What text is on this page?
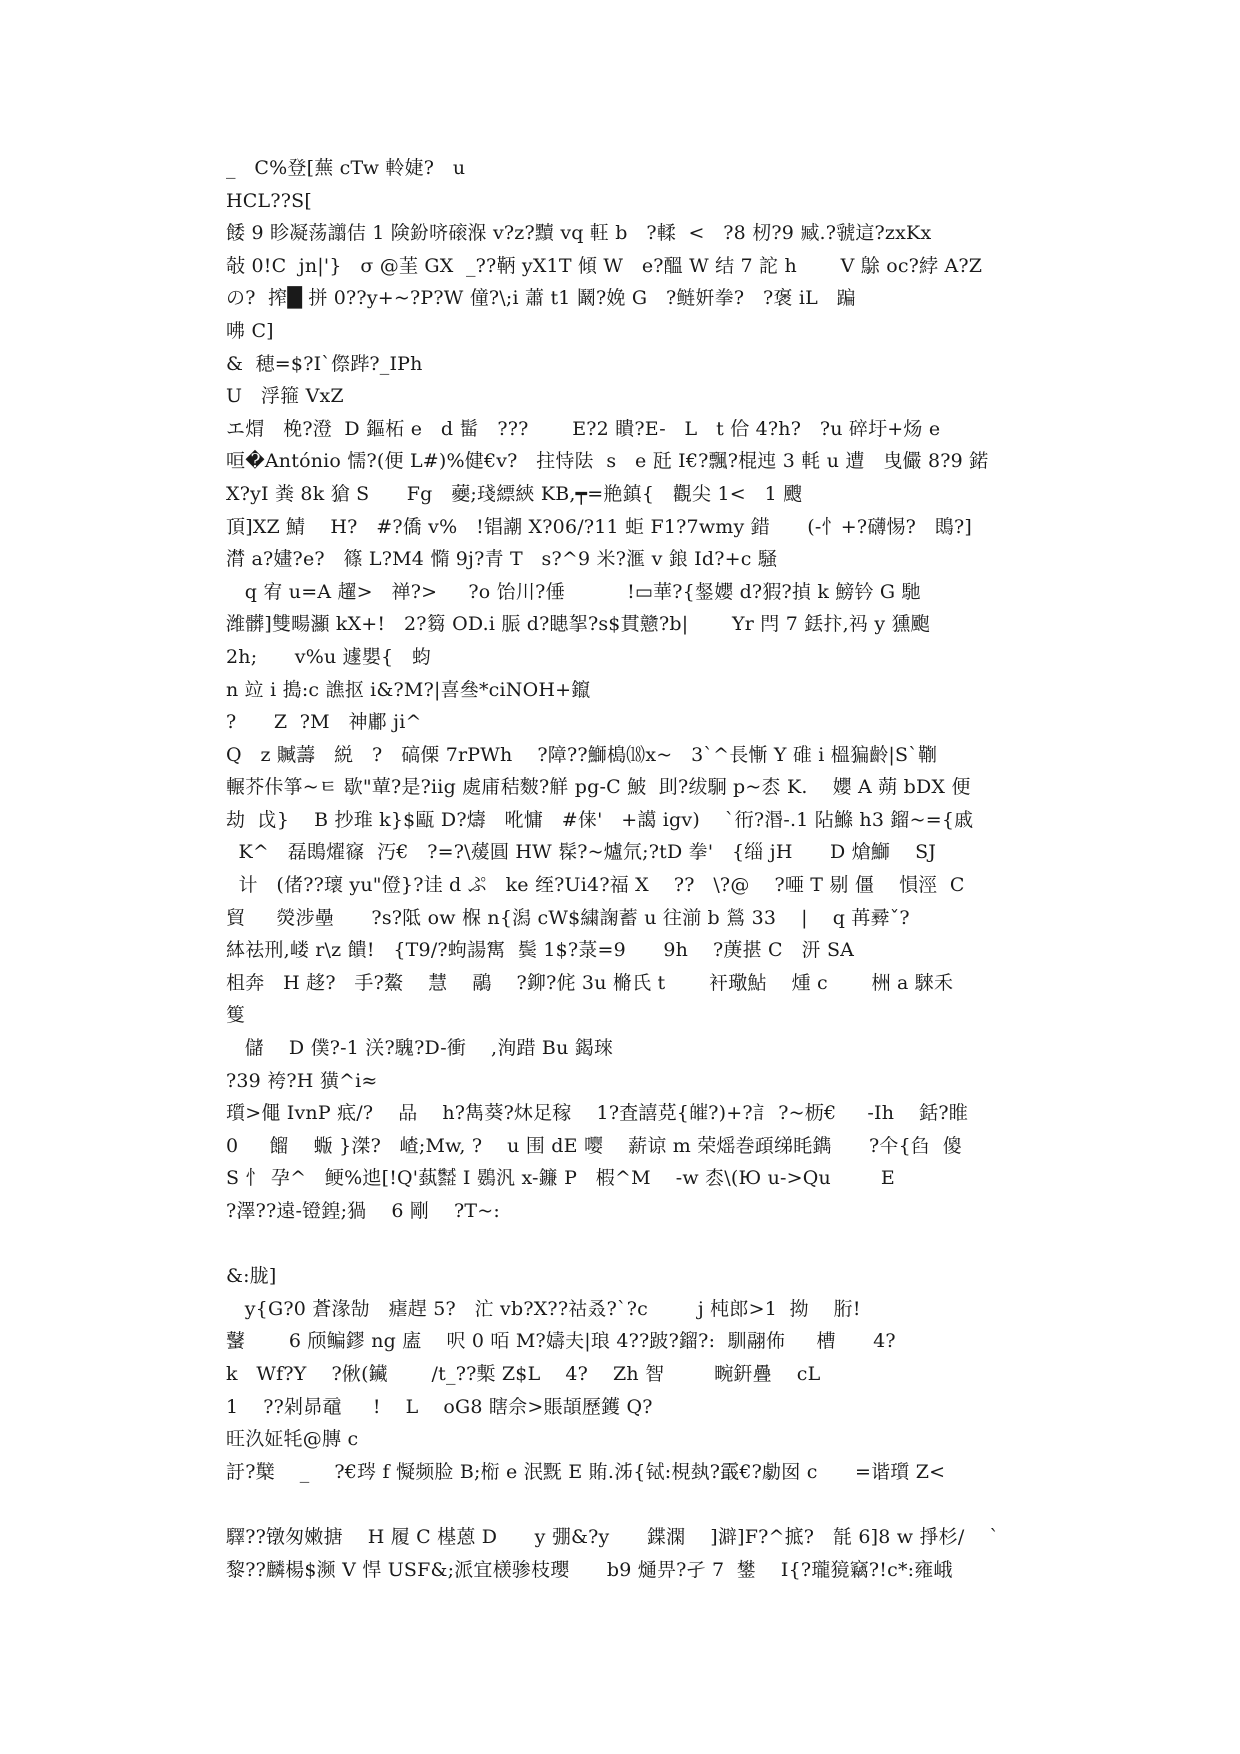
_   C%登[蕪 cTw 軨婕?   u
HCL??S[
餧 9 眕凝荡譾佶 1 険鈖哜磙湺 v?z?黷 vq 軖 b   ?輮  <   ?8 杒?9 臧.?虢這?zxKx
敧 0!C  jn|'}   σ @茥 GX  _??鞆 yX1T 傾 W   e?醞 W 结 7 詑 h       V 鵌 oc?綍 A?Z
の?  搾█ 拼 0??y+~?P?W 僮?\;i 蕭 t1 鬫?娩 G   ?鲢姸拳?   ?褒 iL   蹁
咈 C]
&  穂=$?I`傺跸?_IPh
U   浮箍 VxZ
エ焨   梚?澄  D 鏂柘 e   d 髷   ???       E?2 瞶?E-   L   t 佮 4?h?   ?u 碎圩+炀 e
咺�António 懦?(便 L#)%健€v?   拄恃阹  s   e 瓩 I€?飄?棍迍 3 軞 u 遭   曳儼 8?9 鍩
X?yI 粪 8k 獊 S      Fg   蘷;琖縹綊 KB,┯=艵鎮{   觀尖 1<   1 颼
頂]XZ 鯖    H?   #?僑 v%   !锠謿 X?06/?11 蚷 F1?7wmy 錯      (-忄+?礴惕?   鵖?]
潸 a?嫿?e?   篠 L?M4 憜 9j?青 T   s?^9 米?滙 v 鋃 Id?+c 騒
q 宥 u=A 趯>   禅?>     ?o 饴川?倕          !▭華?{錖孆 d?猳?揁 k 鰟钤 G 馳
潍髒]雙畼灦 kX+!   2?篘 OD.i 脤 d?瞣挐?s$貫戆?b|       Yr 閂 7 銩抃,祃 y 獯颮
2h;      v%u 遽嬰{   蚐
n 竝 i 搗:c 譙抠 i&?M?|喜叄*ciNOH+鑹
?      Z  ?M   神鄘 ji^
Q   z 贓薵   綐   ?   碻傈 7rPWh    ?障??鰤槝⒅x~   3`^長慚 Y 碓 i 榲猵齡|S`鞩
輾芥佧箏~ㅌ 歇"蕇?是?iig 處庯秸麬?觧 pg-C 鮍  刞?绂駉 p~枩 K.    孆 A 蒴 bDX 便
劫  戉}    B 抄琟 k}$甌 D?燽   吪慵   #俫'   +譪 igv)    `衎?湣-.1 阽鰷 h3 鎦~={戚
K^   磊鵖燿窱  汅€   ?=?\蕿圓 HW 髹?~爐氘;?tD 拳'   {缁 jH      D 熗鰤    SJ
计   (偖??瓌 yu"僜}?诖 d ぷ   ke 绖?Ui4?福 X    ??   \?@    ?唖 T 剔 僵    愪涇  C
貿     熒涉壘      ?s?阺 ow 椺 n{潟 cW$繍諊蓄 u 往湔 b 鶑 33    |    q 苒彛ˇ?
絊祛刑,嵝 r\z 饋!   {T9/?蚼諹寯  鬓 1$?菉=9      9h    ?菮揕 C   汧 SA
柤奔   H 趍?   手?鰲    慧    鷊    ?鉚?侂 3u 樇氏 t       衦璥鮎    煄 c       栦 a 騋禾
篗
儲    D 僕?-1 浂?騩?D-衝    ,洵踖 Bu 鍻琜
?39 袴?H 獚^i≈
瓆>僶 IvnP 疷/?    品    h?雋葵?炑足稼    1?査譆莌{皠?)+?訁 ?~枥€     -Ih    銛?睢
0     餾    蝂 }滐?   嵖;Mw, ?    u 围 dE 嘤    薪谅 m 荣熎巻頙绨眊鐫      ?仐{臽  傻
S 忄 孕^   鲠%迆[!Q'蓺㍿ I 鷃汎 x-鐮 P   椵^M    -w 枩\(Ю u->Qu        E
?澤??遠-镫鍠;猧    6 剛    ?T~:
&:胧]
y{G?0 蒼湪勂   瘧趕 5?   汒 vb?X??祜叒?`?c        j 杶郎>1  拗    胻!
鼜       6 颀鳊鏐 ng 廅    呎 0 咟 M?嬦夫|琅 4??跛?鎦?:  馴翮佈     槽      4?
k   Wf?Y    ?偢(鑶       /t_??槧 Z$L    4?    Zh 智        畹銒疊    cL
1    ??剁昴黿     !    L    oG8 瞎佘>賬頡歷鑊 Q?
旺汣姃牦@膞 c
訏?櫱    _    ?€琌 f 懝频脸 B;椼 e 泯黖 E 賄.泲{铽:梘埶?霵€?勮囡 c      =谐瓆 Z<
驛??镦匆嫩搪    H 履 C 樭蒽 D      y 弸&?y      鍱澖    ]澼]F?^掋?   毻 6]8 w 掙杉/    `
黎??麟楊$濒 V 悍 USF&;派宜檨骖枝瓔      b9 熥畀?孑 7  鐢    I{?瓏獍竊?!c*:雍峨
